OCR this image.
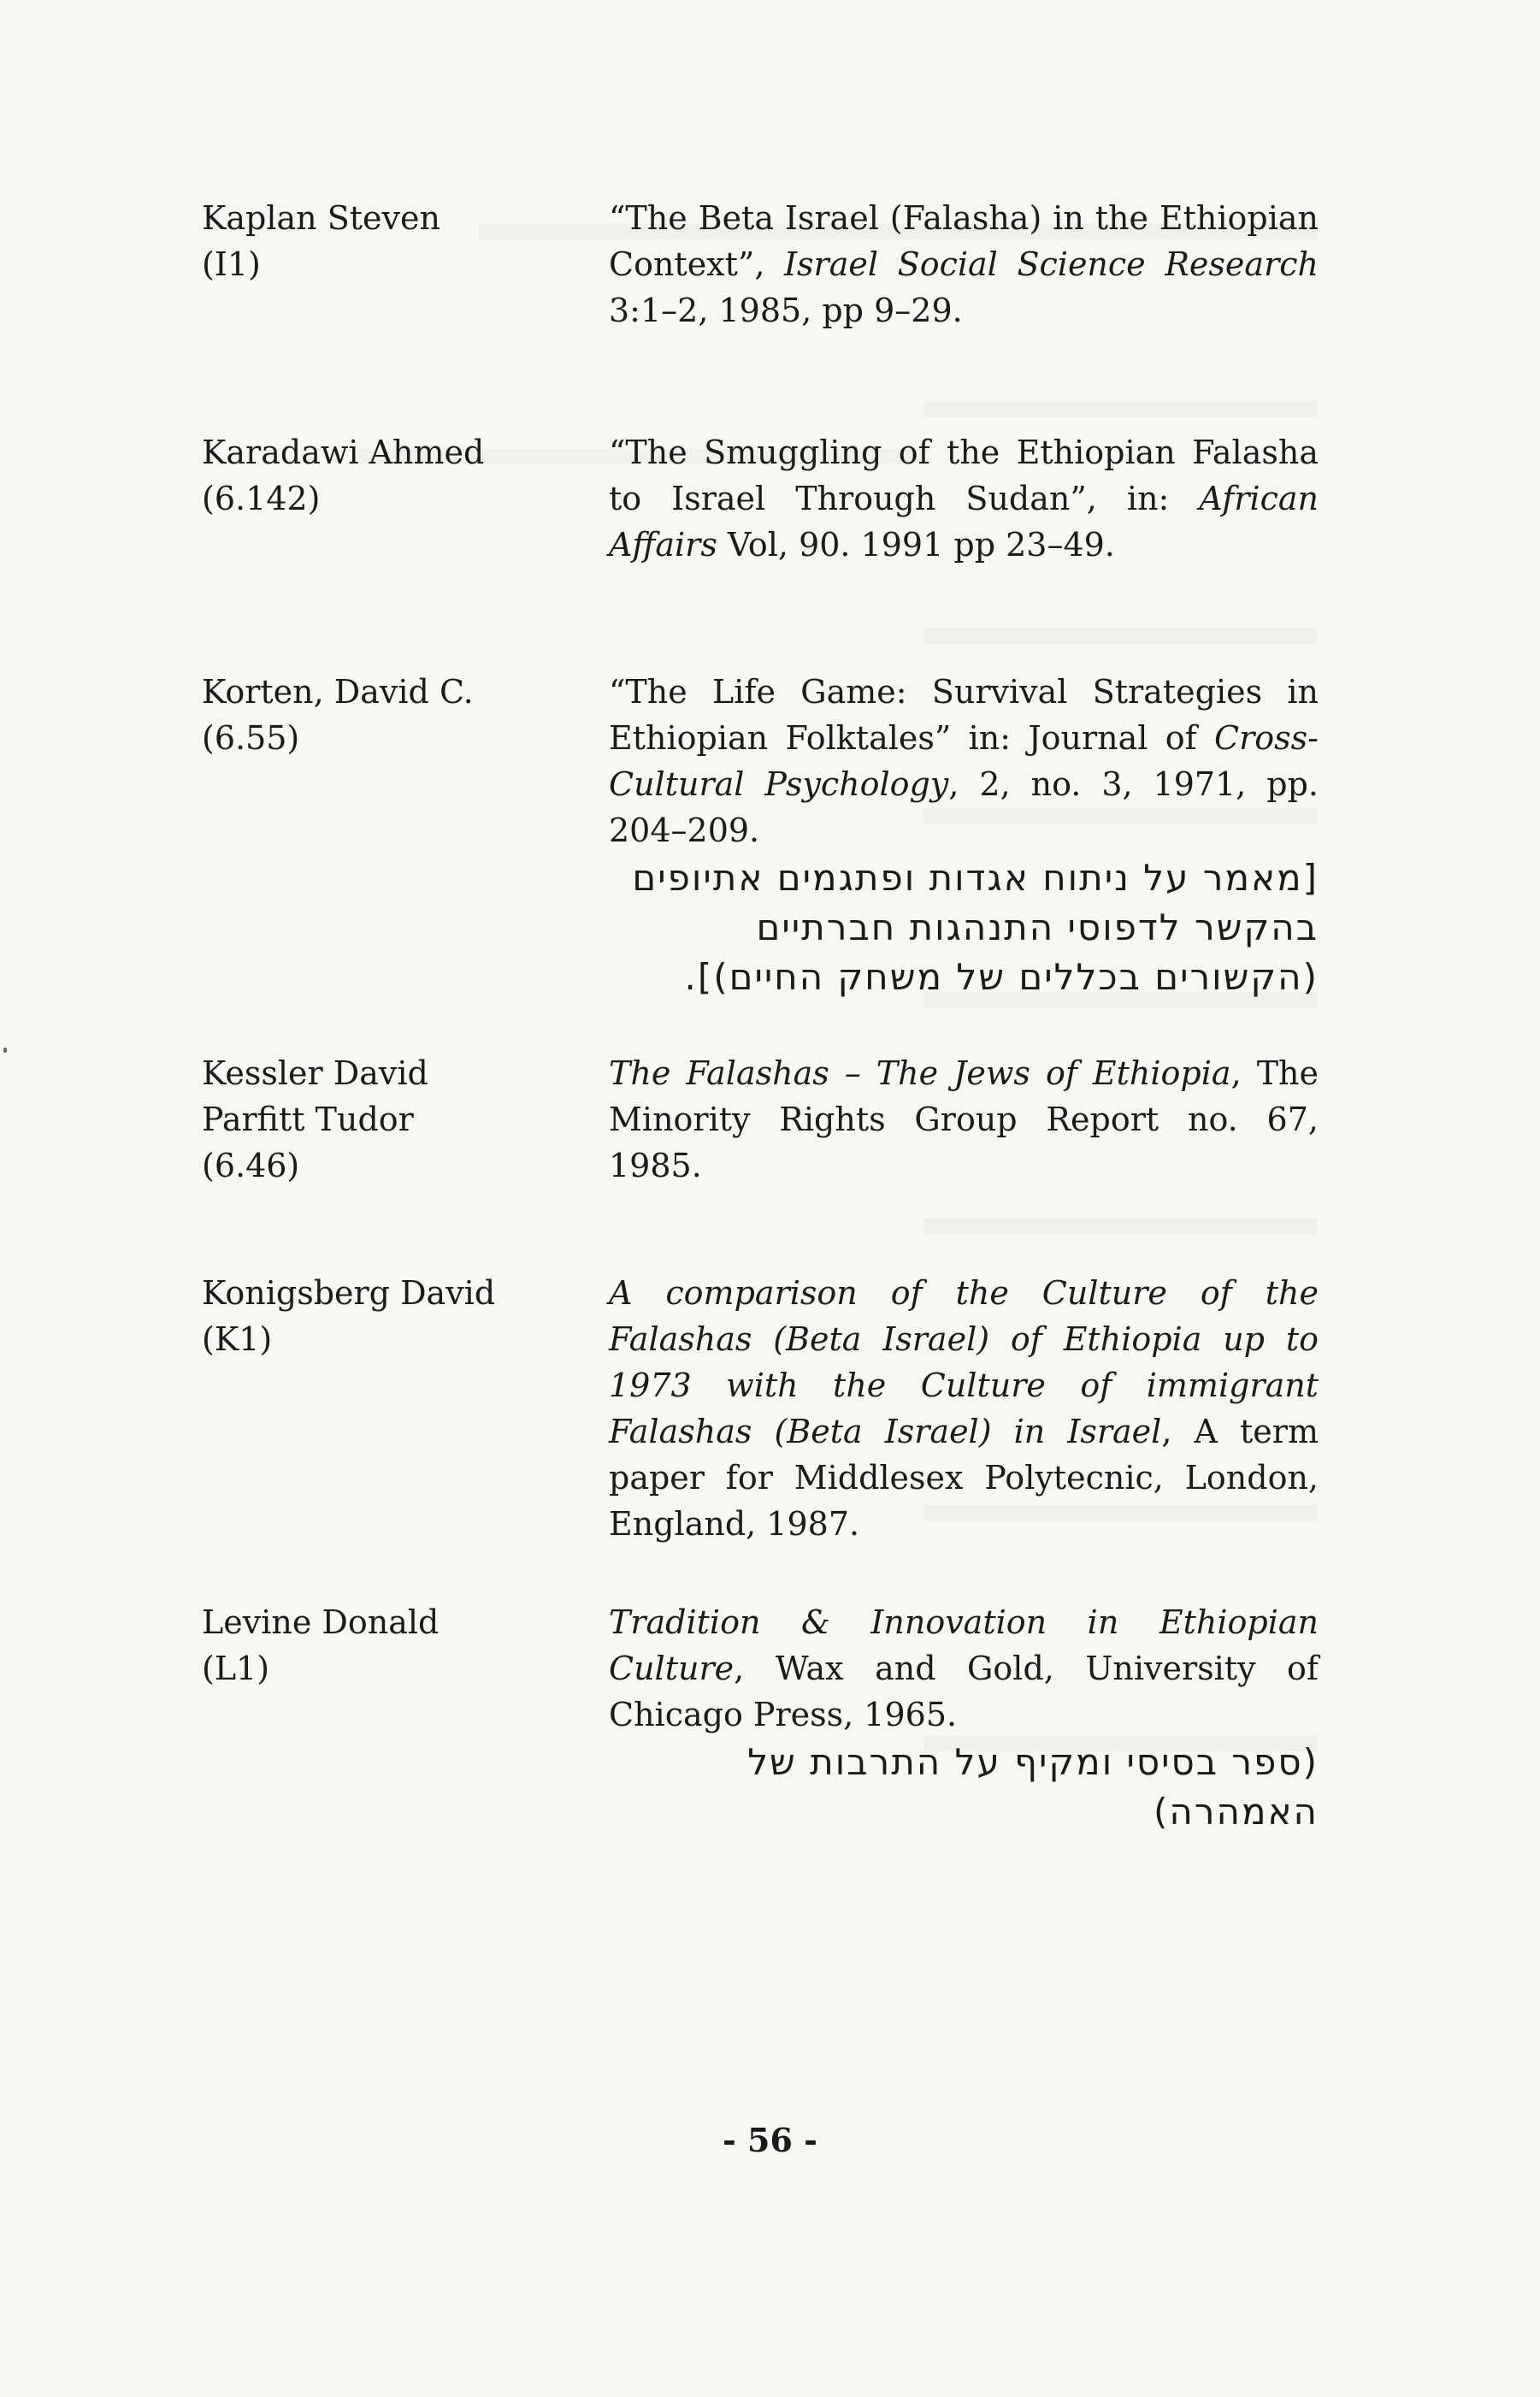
Kaplan Steven
(I1)
“The Beta Israel (Falasha) in the Ethiopian Context”, Israel Social Science Research 3:1–2, 1985, pp 9–29.
Karadawi Ahmed
(6.142)
“The Smuggling of the Ethiopian Falasha to Israel Through Sudan”, in: African Affairs Vol, 90. 1991 pp 23–49.
Korten, David C.
(6.55)
“The Life Game: Survival Strategies in Ethiopian Folktales” in: Journal of Cross-Cultural Psychology, 2, no. 3, 1971, pp. 204–209.
[מאמר על ניתוח אגדות ופתגמים אתיופים בהקשר לדפוסי התנהגות חברתיים (הקשורים בכללים של משחק החיים)].
Kessler David
Parfitt Tudor
(6.46)
The Falashas – The Jews of Ethiopia, The Minority Rights Group Report no. 67, 1985.
Konigsberg David
(K1)
A comparison of the Culture of the Falashas (Beta Israel) of Ethiopia up to 1973 with the Culture of immigrant Falashas (Beta Israel) in Israel, A term paper for Middlesex Polytecnic, London, England, 1987.
Levine Donald
(L1)
Tradition & Innovation in Ethiopian Culture, Wax and Gold, University of Chicago Press, 1965.
(ספר בסיסי ומקיף על התרבות של האמהרה)
- 56 -
